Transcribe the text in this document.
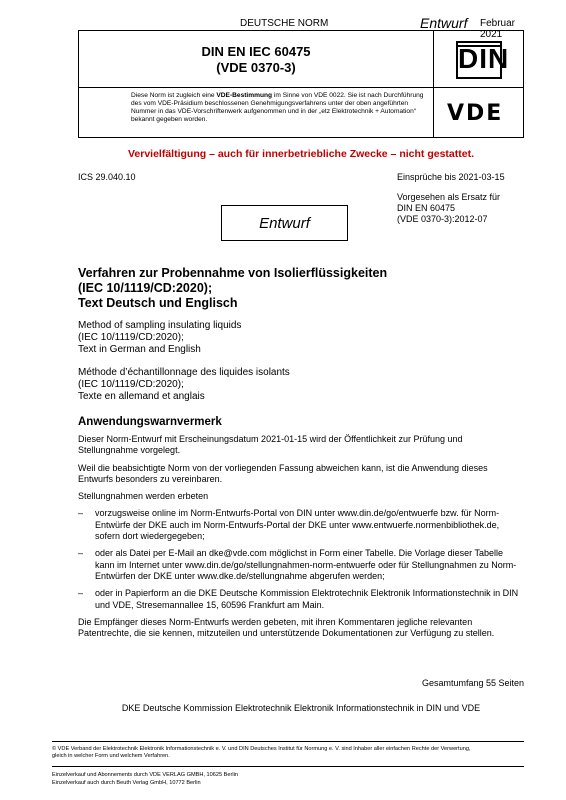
DEUTSCHE NORM	Entwurf Februar 2021
DIN EN IEC 60475
(VDE 0370-3)	DIN
Diese Norm ist zugleich eine VDE-Bestimmung im Sinne von VDE 0022. Sie ist nach Durchführung des vom VDE-Präsidium beschlossenen Genehmigungsverfahrens unter der oben angeführten Nummer in das VDE-Vorschriftenwerk aufgenommen und in der „etz Elektrotechnik + Automation“ bekannt gegeben worden.	VDE
Vervielfältigung – auch für innerbetriebliche Zwecke – nicht gestattet.
ICS 29.040.10	Einsprüche bis 2021-03-15
Vorgesehen als Ersatz für
DIN EN 60475
(VDE 0370-3):2012-07
Entwurf
Verfahren zur Probennahme von Isolierflüssigkeiten
(IEC 10/1119/CD:2020);
Text Deutsch und Englisch
Method of sampling insulating liquids
(IEC 10/1119/CD:2020);
Text in German and English
Méthode d’échantillonnage des liquides isolants
(IEC 10/1119/CD:2020);
Texte en allemand et anglais
Anwendungswarnvermerk

Dieser Norm-Entwurf mit Erscheinungsdatum 2021-01-15 wird der Öffentlichkeit zur Prüfung und Stellungnahme vorgelegt.

Weil die beabsichtigte Norm von der vorliegenden Fassung abweichen kann, ist die Anwendung dieses Entwurfs besonders zu vereinbaren.

Stellungnahmen werden erbeten

– vorzugsweise online im Norm-Entwurfs-Portal von DIN unter www.din.de/go/entwuerfe bzw. für Norm-Entwürfe der DKE auch im Norm-Entwurfs-Portal der DKE unter www.entwuerfe.normenbibliothek.de, sofern dort wiedergegeben;
– oder als Datei per E-Mail an dke@vde.com möglichst in Form einer Tabelle. Die Vorlage dieser Tabelle kann im Internet unter www.din.de/go/stellungnahmen-norm-entwuerfe oder für Stellungnahmen zu Norm-Entwürfen der DKE unter www.dke.de/stellungnahme abgerufen werden;
– oder in Papierform an die DKE Deutsche Kommission Elektrotechnik Elektronik Informationstechnik in DIN und VDE, Stresemannallee 15, 60596 Frankfurt am Main.

Die Empfänger dieses Norm-Entwurfs werden gebeten, mit ihren Kommentaren jegliche relevanten Patentrechte, die sie kennen, mitzuteilen und unterstützende Dokumentationen zur Verfügung zu stellen.

Gesamtumfang 55 Seiten
DKE Deutsche Kommission Elektrotechnik Elektronik Informationstechnik in DIN und VDE
© VDE Verband der Elektrotechnik Elektronik Informationstechnik e. V. und DIN Deutsches Institut für Normung e. V. sind Inhaber aller einfachen Rechte der Verwertung, gleich in welcher Form und welchem Verfahren.
Einzelverkauf und Abonnements durch VDE VERLAG GMBH, 10625 Berlin
Einzelverkauf auch durch Beuth Verlag GmbH, 10772 Berlin
